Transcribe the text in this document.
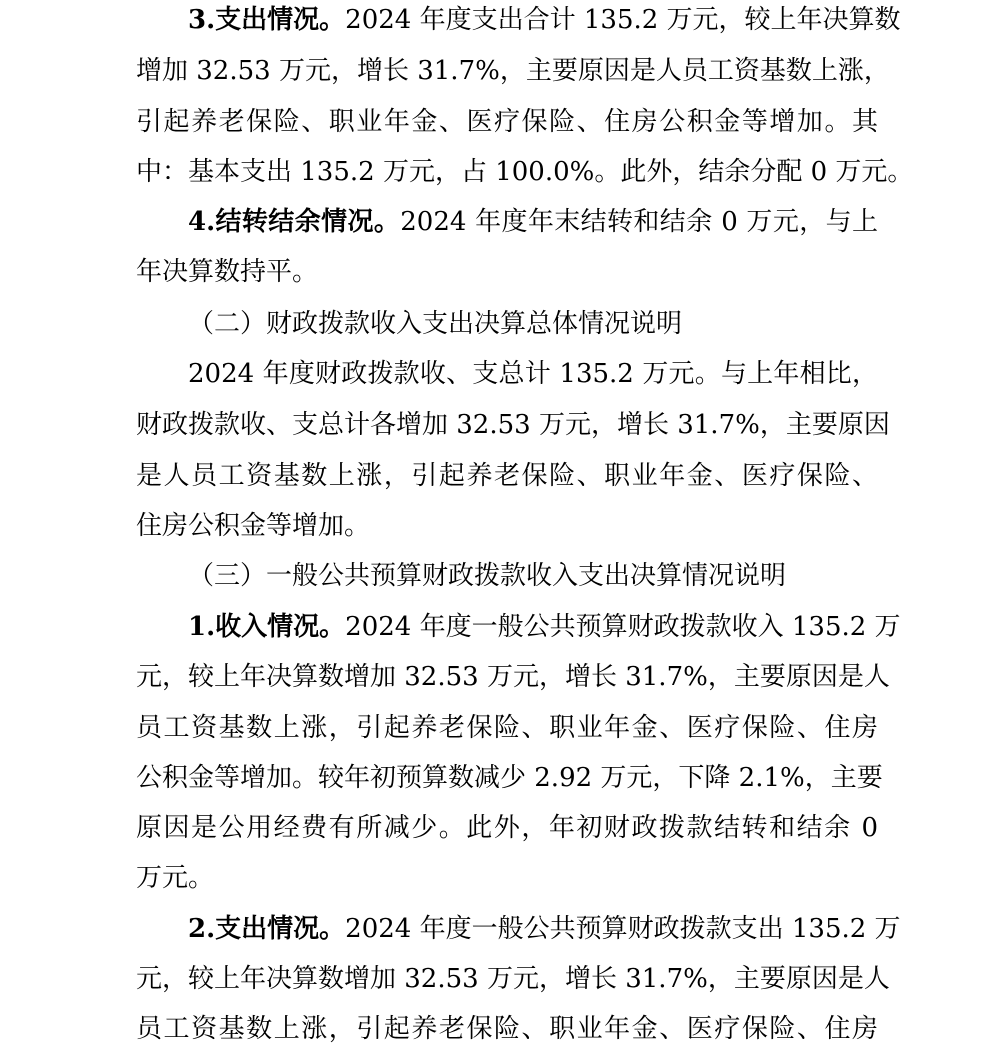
3.支出情况。2024 年度支出合计 135.2 万元，较上年决算数
增加 32.53 万元，增长 31.7%，主要原因是人员工资基数上涨，
引起养老保险、职业年金、医疗保险、住房公积金等增加。其
中：基本支出 135.2 万元，占 100.0%。此外，结余分配 0 万元。
4.结转结余情况。2024 年度年末结转和结余 0 万元，与上
年决算数持平。
（二）财政拨款收入支出决算总体情况说明
2024 年度财政拨款收、支总计 135.2 万元。与上年相比，
财政拨款收、支总计各增加 32.53 万元，增长 31.7%，主要原因
是人员工资基数上涨，引起养老保险、职业年金、医疗保险、
住房公积金等增加。
（三）一般公共预算财政拨款收入支出决算情况说明
1.收入情况。2024 年度一般公共预算财政拨款收入 135.2 万
元，较上年决算数增加 32.53 万元，增长 31.7%，主要原因是人
员工资基数上涨，引起养老保险、职业年金、医疗保险、住房
公积金等增加。较年初预算数减少 2.92 万元，下降 2.1%，主要
原因是公用经费有所减少。此外，年初财政拨款结转和结余 0
万元。
2.支出情况。2024 年度一般公共预算财政拨款支出 135.2 万
元，较上年决算数增加 32.53 万元，增长 31.7%，主要原因是人
员工资基数上涨，引起养老保险、职业年金、医疗保险、住房
